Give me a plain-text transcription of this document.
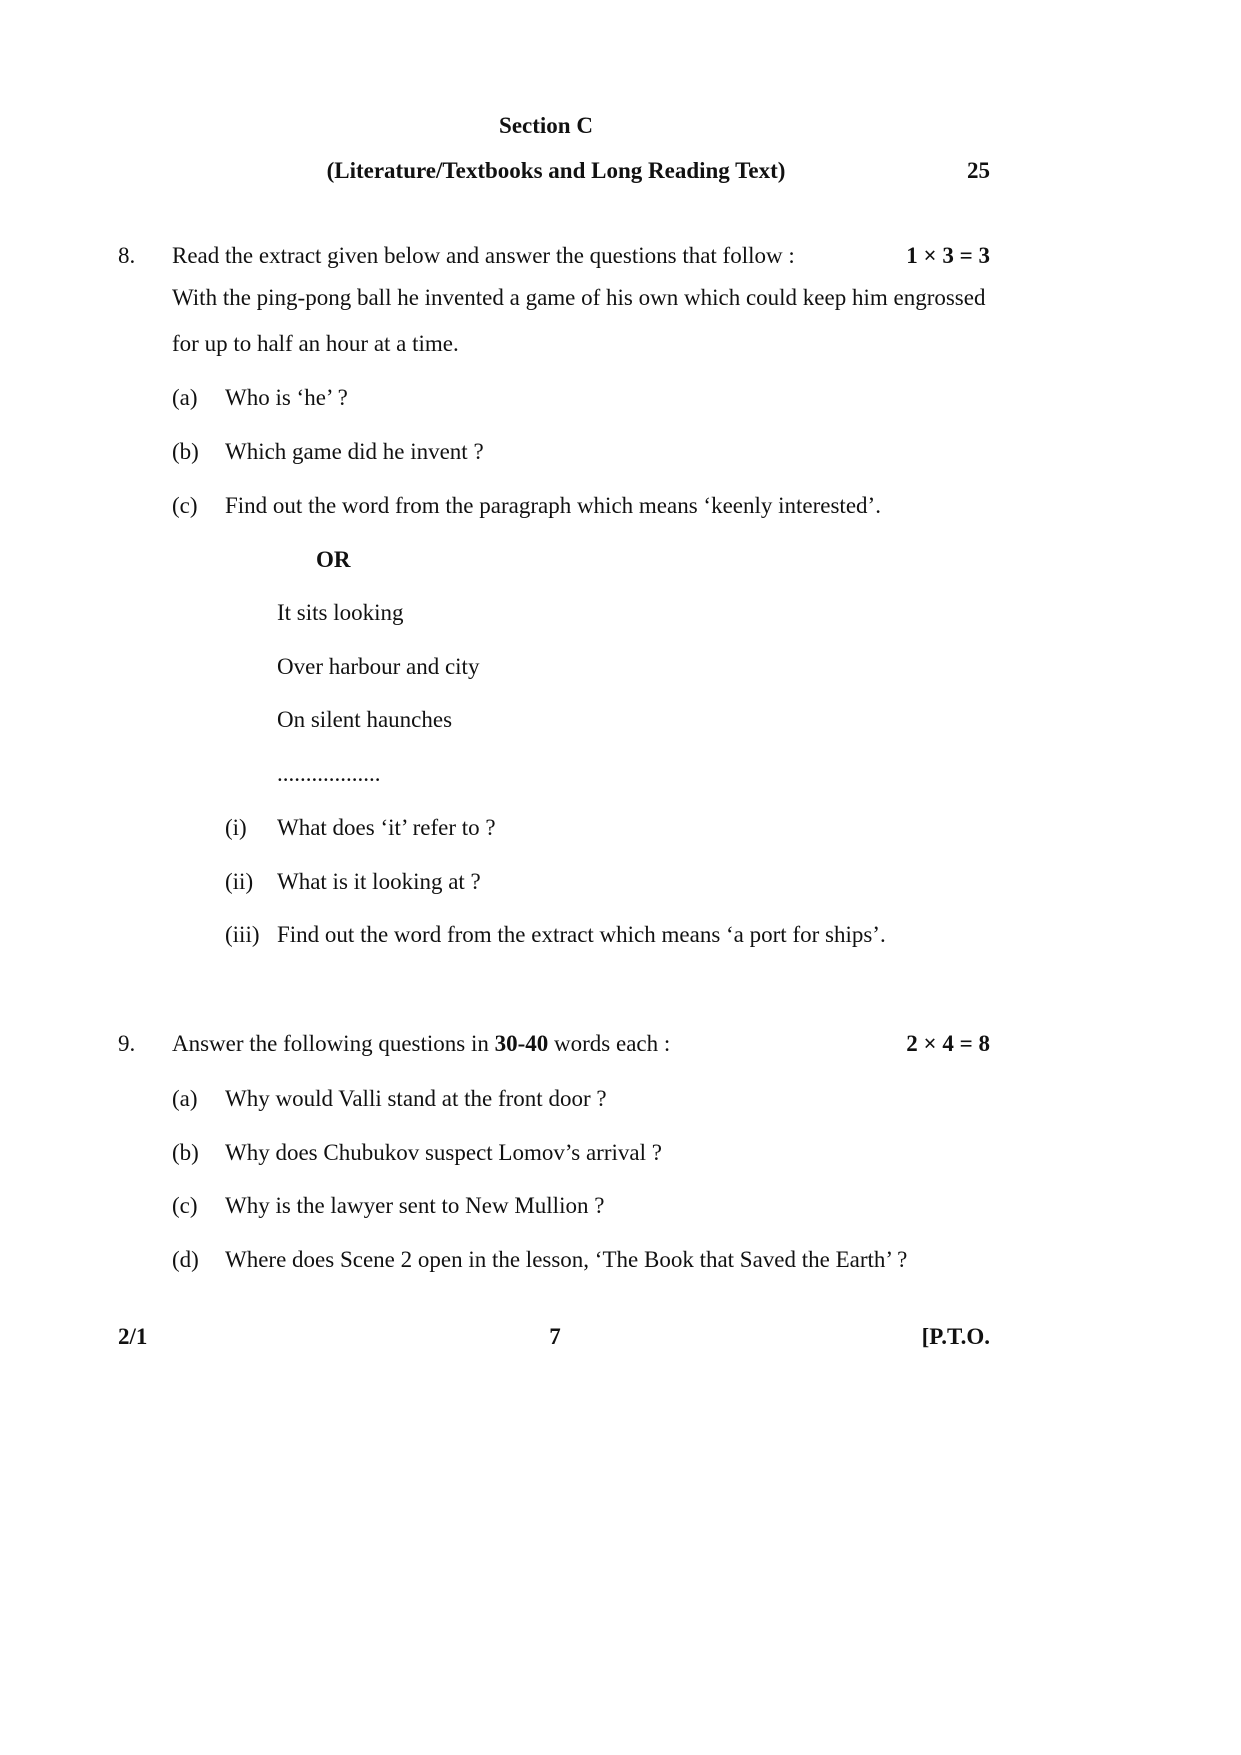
Section C
(Literature/Textbooks and Long Reading Text)	25
8. Read the extract given below and answer the questions that follow :	1 × 3 = 3
With the ping-pong ball he invented a game of his own which could keep him engrossed
for up to half an hour at a time.
(a) Who is ‘he’ ?
(b) Which game did he invent ?
(c) Find out the word from the paragraph which means ‘keenly interested’.
OR
It sits looking
Over harbour and city
On silent haunches
..................
(i) What does ‘it’ refer to ?
(ii) What is it looking at ?
(iii) Find out the word from the extract which means ‘a port for ships’.
9. Answer the following questions in 30-40 words each :	2 × 4 = 8
(a) Why would Valli stand at the front door ?
(b) Why does Chubukov suspect Lomov’s arrival ?
(c) Why is the lawyer sent to New Mullion ?
(d) Where does Scene 2 open in the lesson, ‘The Book that Saved the Earth’ ?
2/1	7	[P.T.O.
